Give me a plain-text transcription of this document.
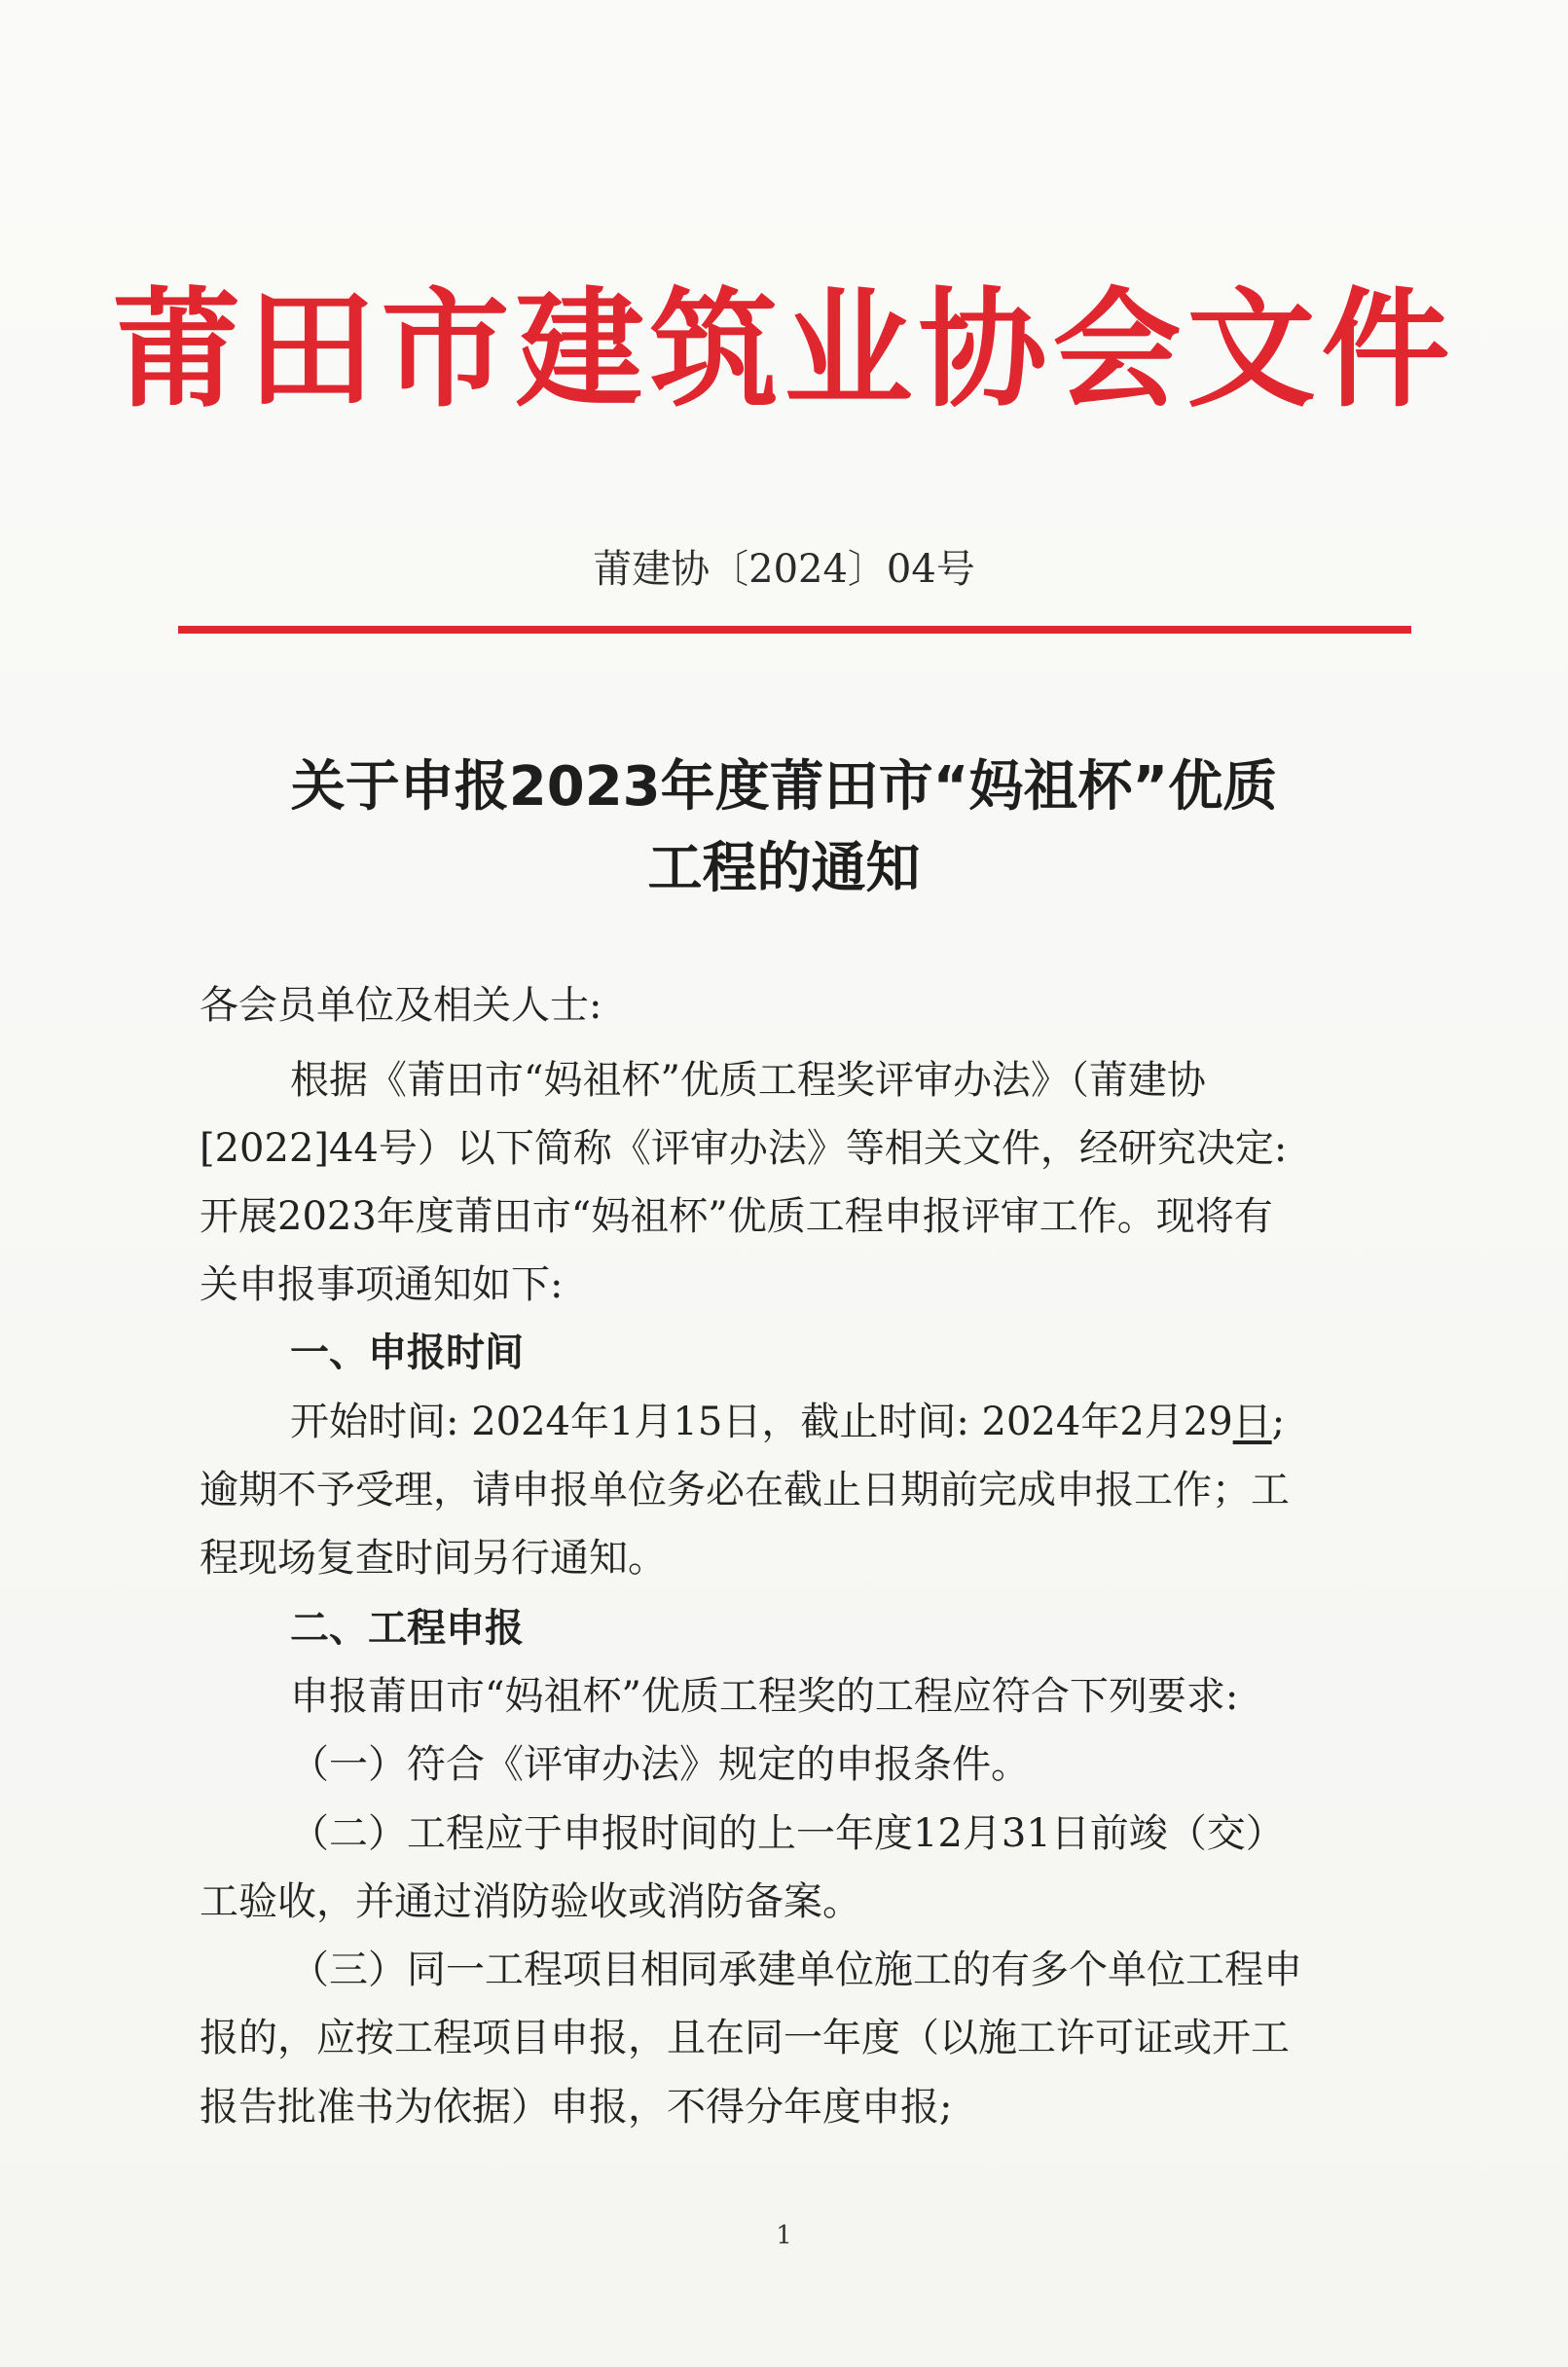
莆田市建筑业协会文件
莆建协〔2024〕04号
关于申报2023年度莆田市“妈祖杯”优质
工程的通知
各会员单位及相关人士:
根据《莆田市“妈祖杯”优质工程奖评审办法》（莆建协
[2022]44号）以下简称《评审办法》等相关文件，经研究决定:
开展2023年度莆田市“妈祖杯”优质工程申报评审工作。现将有
关申报事项通知如下:
一、申报时间
开始时间: 2024年1月15日，截止时间: 2024年2月29日;
逾期不予受理，请申报单位务必在截止日期前完成申报工作；工
程现场复查时间另行通知。
二、工程申报
申报莆田市“妈祖杯”优质工程奖的工程应符合下列要求:
（一）符合《评审办法》规定的申报条件。
（二）工程应于申报时间的上一年度12月31日前竣（交）
工验收，并通过消防验收或消防备案。
（三）同一工程项目相同承建单位施工的有多个单位工程申
报的，应按工程项目申报，且在同一年度（以施工许可证或开工
报告批准书为依据）申报，不得分年度申报;
1
